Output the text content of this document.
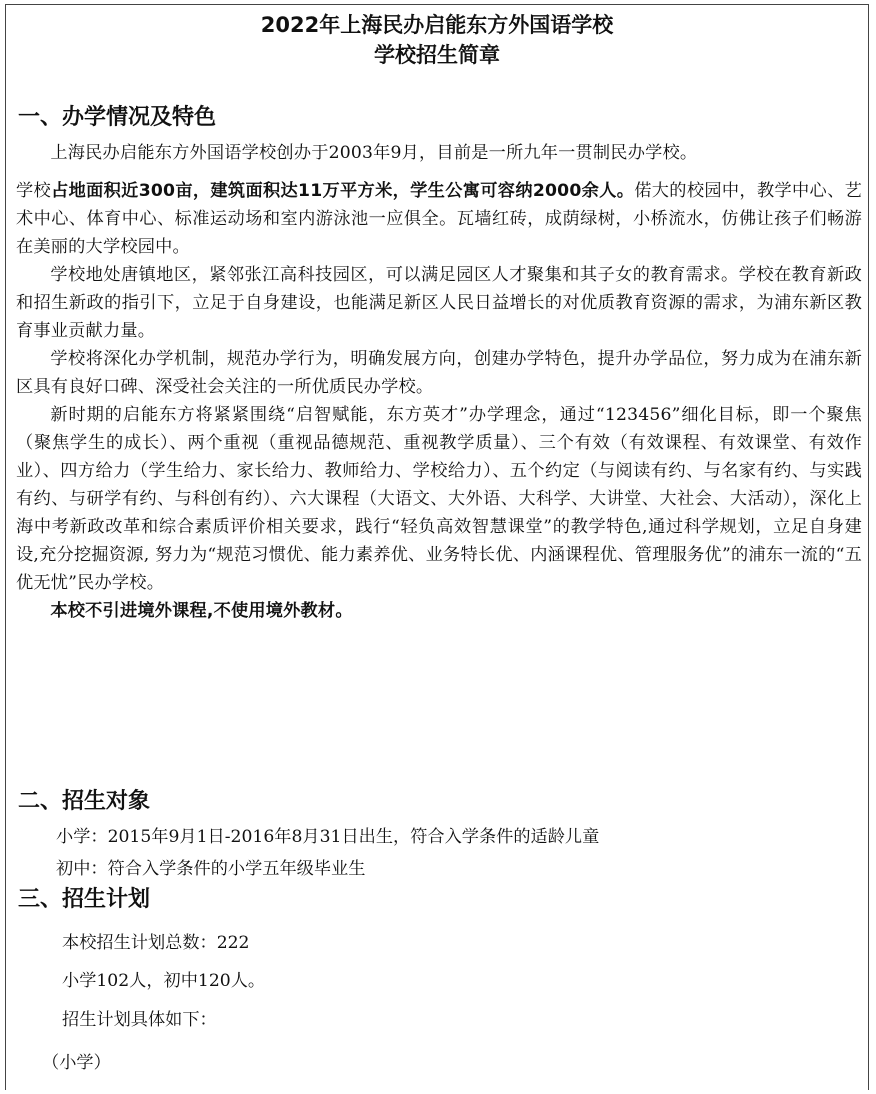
2022年上海民办启能东方外国语学校
学校招生简章
一、办学情况及特色

上海民办启能东方外国语学校创办于2003年9月，目前是一所九年一贯制民办学校。

学校占地面积近300亩，建筑面积达11万平方米，学生公寓可容纳2000余人。偌大的校园中，教学中心、艺术中心、体育中心、标准运动场和室内游泳池一应俱全。瓦墙红砖，成荫绿树，小桥流水，仿佛让孩子们畅游在美丽的大学校园中。

学校地处唐镇地区，紧邻张江高科技园区，可以满足园区人才聚集和其子女的教育需求。学校在教育新政和招生新政的指引下，立足于自身建设，也能满足新区人民日益增长的对优质教育资源的需求，为浦东新区教育事业贡献力量。

学校将深化办学机制，规范办学行为，明确发展方向，创建办学特色，提升办学品位，努力成为在浦东新区具有良好口碑、深受社会关注的一所优质民办学校。

新时期的启能东方将紧紧围绕“启智赋能，东方英才”办学理念，通过“123456”细化目标，即一个聚焦（聚焦学生的成长）、两个重视（重视品德规范、重视教学质量）、三个有效（有效课程、有效课堂、有效作业）、四方给力（学生给力、家长给力、教师给力、学校给力）、五个约定（与阅读有约、与名家有约、与实践有约、与研学有约、与科创有约）、六大课程（大语文、大外语、大科学、大讲堂、大社会、大活动），深化上海中考新政改革和综合素质评价相关要求，践行“轻负高效智慧课堂”的教学特色,通过科学规划，立足自身建设,充分挖掘资源, 努力为“规范习惯优、能力素养优、业务特长优、内涵课程优、管理服务优”的浦东一流的“五优无忧”民办学校。

本校不引进境外课程,不使用境外教材。

二、招生对象
小学：2015年9月1日-2016年8月31日出生，符合入学条件的适龄儿童
初中：符合入学条件的小学五年级毕业生
三、招生计划
本校招生计划总数：222
小学102人，初中120人。
招生计划具体如下：
（小学）
